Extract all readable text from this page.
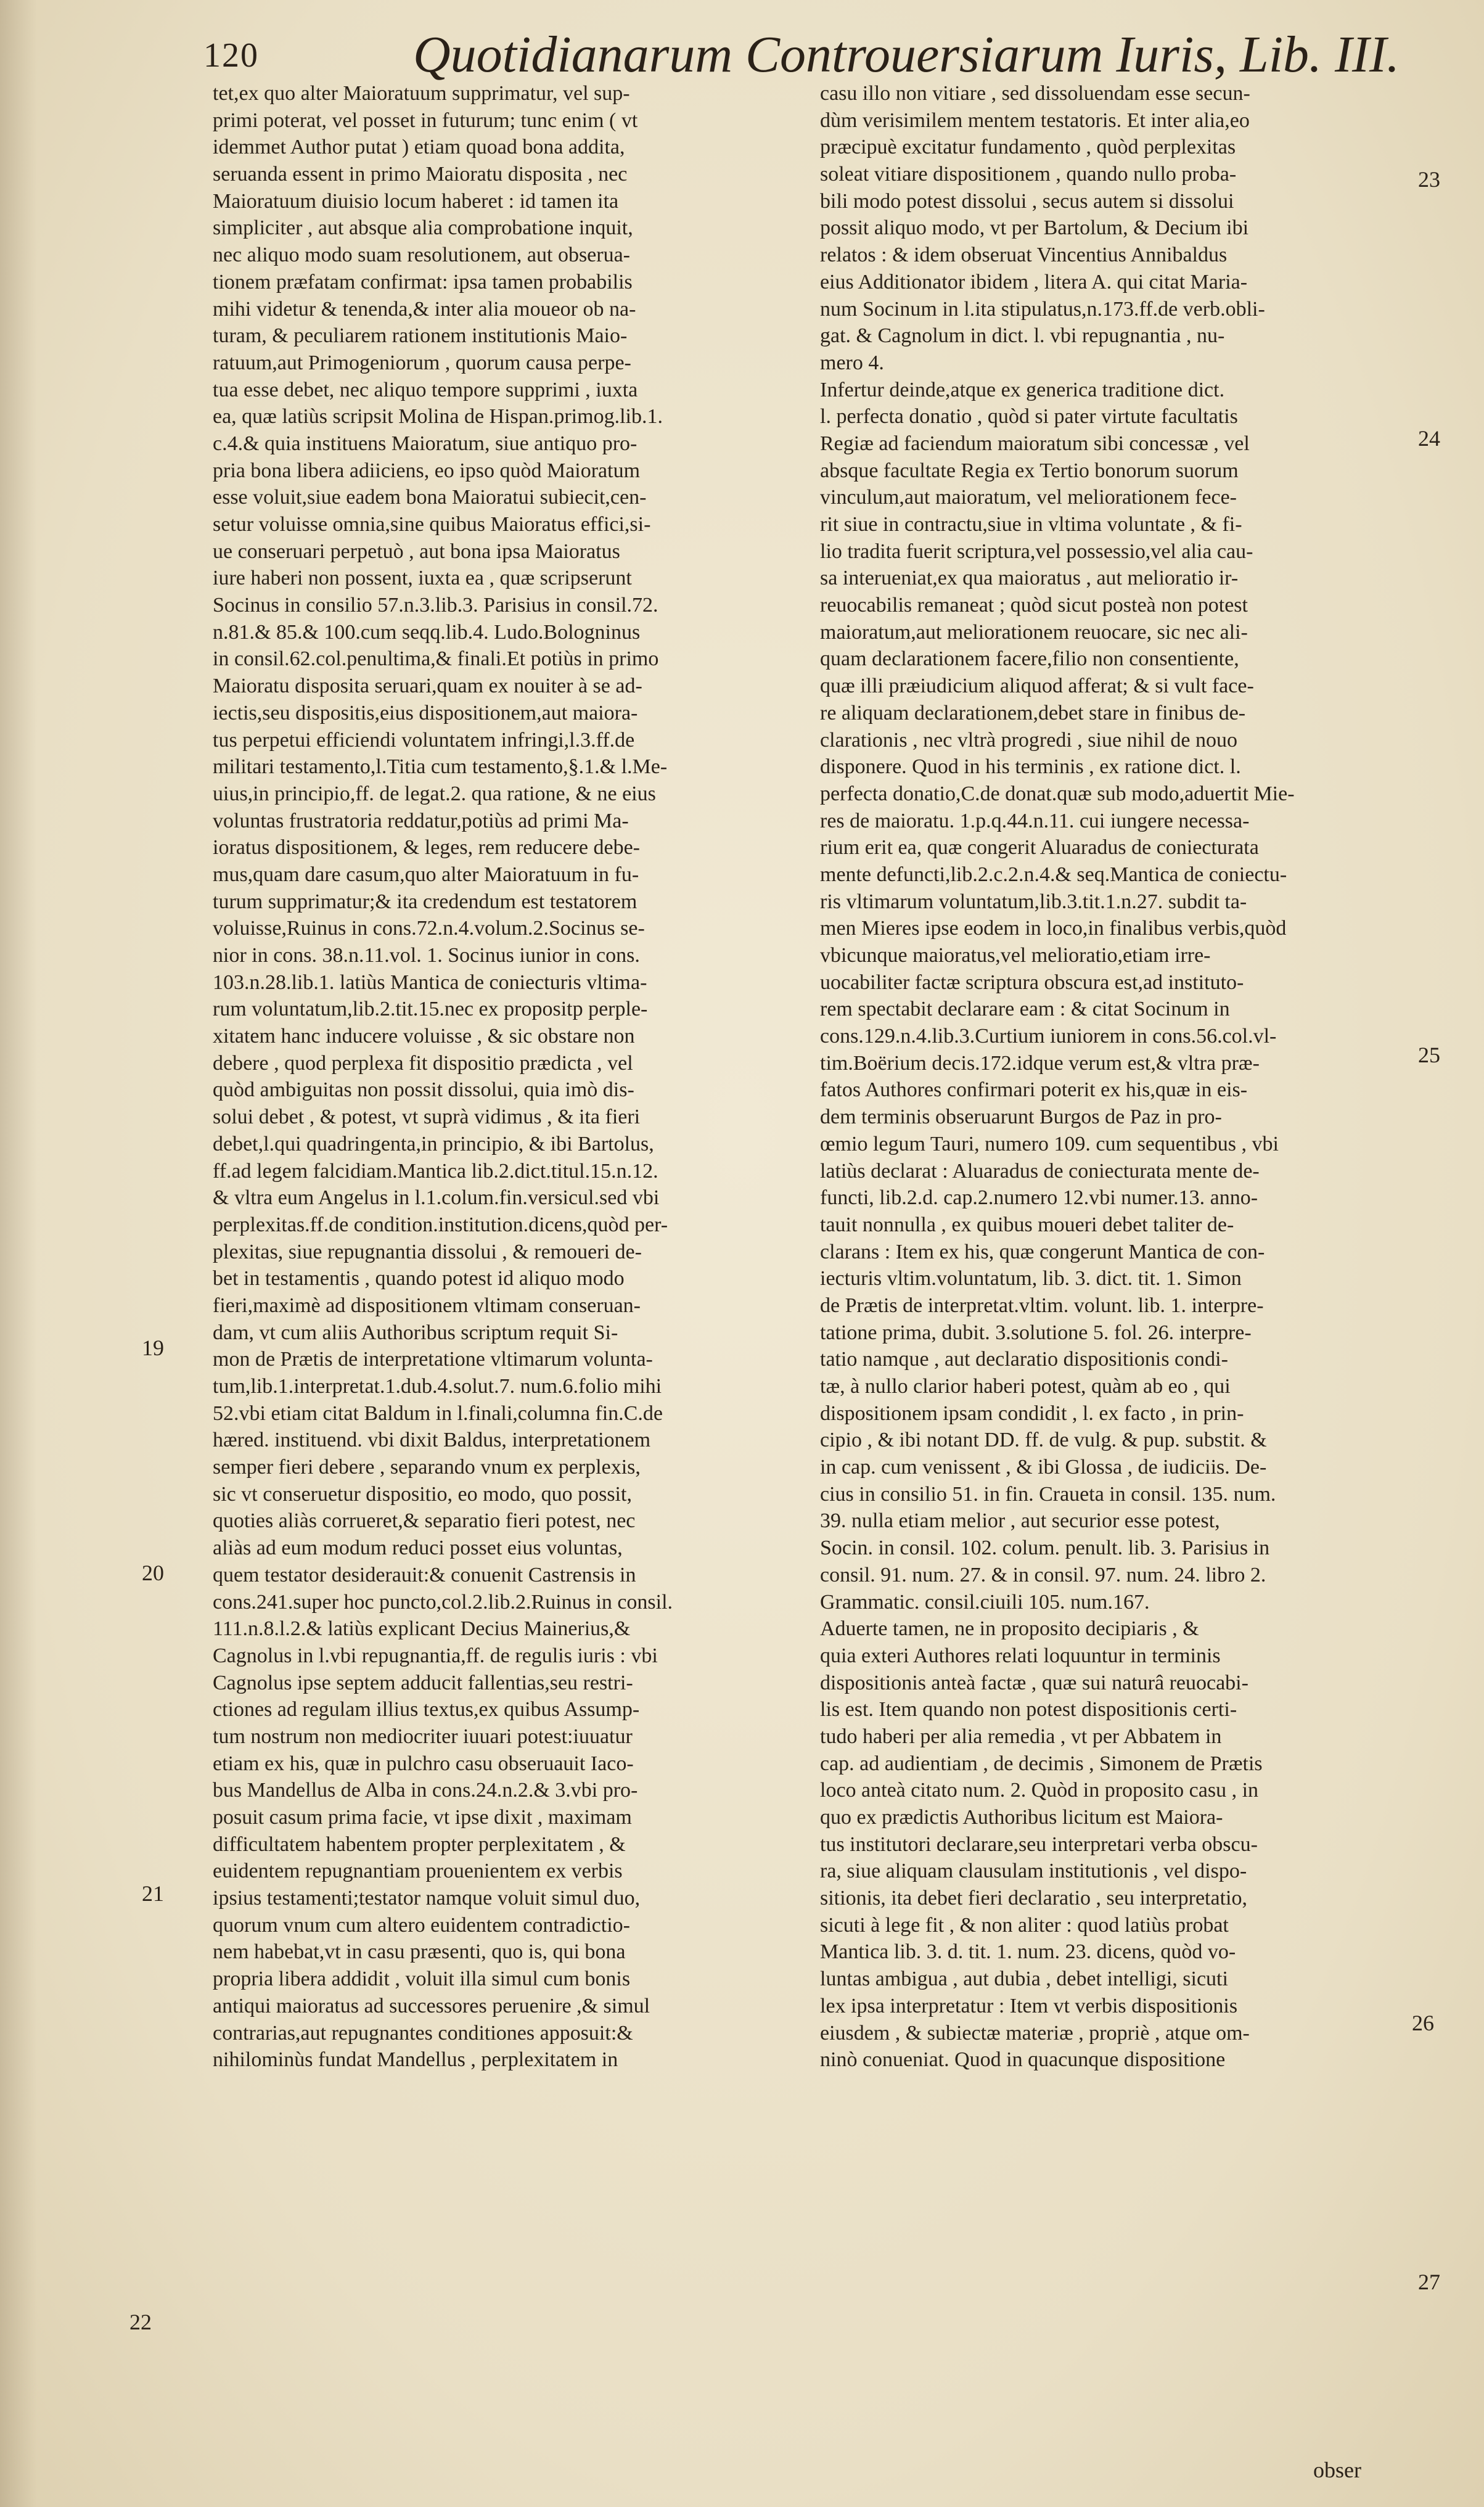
120	Quotidianarum Controuersiarum Iuris, Lib. III.
tet,ex quo alter Maioratuum supprimatur, vel sup-
primi poterat, vel posset in futurum; tunc enim ( vt
idemmet Author putat ) etiam quoad bona addita,
seruanda essent in primo Maioratu disposita , nec
Maioratuum diuisio locum haberet : id tamen ita
simpliciter , aut absque alia comprobatione inquit,
nec aliquo modo suam resolutionem, aut obserua-
tionem præfatam confirmat: ipsa tamen probabilis
mihi videtur & tenenda,& inter alia moueor ob na-
turam, & peculiarem rationem institutionis Maio-
ratuum,aut Primogeniorum , quorum causa perpe-
tua esse debet, nec aliquo tempore supprimi , iuxta
ea, quæ latiùs scripsit Molina de Hispan.primog.lib.1.
c.4.& quia instituens Maioratum, siue antiquo pro-
pria bona libera adiiciens, eo ipso quòd Maioratum
esse voluit,siue eadem bona Maioratui subiecit,cen-
setur voluisse omnia,sine quibus Maioratus effici,si-
ue conseruari perpetuò , aut bona ipsa Maioratus
iure haberi non possent, iuxta ea , quæ scripserunt
Socinus in consilio 57.n.3.lib.3. Parisius in consil.72.
n.81.& 85.& 100.cum seqq.lib.4. Ludo.Bologninus
in consil.62.col.penultima,& finali.Et potiùs in primo
Maioratu disposita seruari,quam ex nouiter à se ad-
iectis,seu dispositis,eius dispositionem,aut maiora-
tus perpetui efficiendi voluntatem infringi,l.3.ff.de
militari testamento,l.Titia cum testamento,§.1.& l.Me-
uius,in principio,ff. de legat.2. qua ratione, & ne eius
voluntas frustratoria reddatur,potiùs ad primi Ma-
ioratus dispositionem, & leges, rem reducere debe-
mus,quam dare casum,quo alter Maioratuum in fu-
turum supprimatur;& ita credendum est testatorem
voluisse,Ruinus in cons.72.n.4.volum.2.Socinus se-
nior in cons. 38.n.11.vol. 1. Socinus iunior in cons.
103.n.28.lib.1. latiùs Mantica de coniecturis vltima-
rum voluntatum,lib.2.tit.15.nec ex propositp perple-
xitatem hanc inducere voluisse , & sic obstare non
debere , quod perplexa fit dispositio prædicta , vel
quòd ambiguitas non possit dissolui, quia imò dis-
solui debet , & potest, vt suprà vidimus , & ita fieri
debet,l.qui quadringenta,in principio, & ibi Bartolus,
ff.ad legem falcidiam.Mantica lib.2.dict.titul.15.n.12.
& vltra eum Angelus in l.1.colum.fin.versicul.sed vbi
perplexitas.ff.de condition.institution.dicens,quòd per-
plexitas, siue repugnantia dissolui , & remoueri de-
bet in testamentis , quando potest id aliquo modo
fieri,maximè ad dispositionem vltimam conseruan-
dam, vt cum aliis Authoribus scriptum requit Si-
mon de Prætis de interpretatione vltimarum volunta-
tum,lib.1.interpretat.1.dub.4.solut.7. num.6.folio mihi
52.vbi etiam citat Baldum in l.finali,columna fin.C.de
hæred. instituend. vbi dixit Baldus, interpretationem
semper fieri debere , separando vnum ex perplexis,
sic vt conseruetur dispositio, eo modo, quo possit,
quoties aliàs corrueret,& separatio fieri potest, nec
aliàs ad eum modum reduci posset eius voluntas,
quem testator desiderauit:& conuenit Castrensis in
cons.241.super hoc puncto,col.2.lib.2.Ruinus in consil.
111.n.8.l.2.& latiùs explicant Decius Mainerius,&
Cagnolus in l.vbi repugnantia,ff. de regulis iuris : vbi
Cagnolus ipse septem adducit fallentias,seu restri-
ctiones ad regulam illius textus,ex quibus Assump-
tum nostrum non mediocriter iuuari potest:iuuatur
etiam ex his, quæ in pulchro casu obseruauit Iaco-
bus Mandellus de Alba in cons.24.n.2.& 3.vbi pro-
posuit casum prima facie, vt ipse dixit , maximam
difficultatem habentem propter perplexitatem , &
euidentem repugnantiam prouenientem ex verbis
ipsius testamenti;testator namque voluit simul duo,
quorum vnum cum altero euidentem contradictio-
nem habebat,vt in casu præsenti, quo is, qui bona
propria libera addidit , voluit illa simul cum bonis
antiqui maioratus ad successores peruenire ,& simul
contrarias,aut repugnantes conditiones apposuit:&
nihilominùs fundat Mandellus , perplexitatem in
casu illo non vitiare , sed dissoluendam esse secun-
dùm verisimilem mentem testatoris. Et inter alia,eo
præcipuè excitatur fundamento , quòd perplexitas
soleat vitiare dispositionem , quando nullo proba-
bili modo potest dissolui , secus autem si dissolui
possit aliquo modo, vt per Bartolum, & Decium ibi
relatos : & idem obseruat Vincentius Annibaldus
eius Additionator ibidem , litera A. qui citat Maria-
num Socinum in l.ita stipulatus,n.173.ff.de verb.obli-
gat. & Cagnolum in dict. l. vbi repugnantia , nu-
mero 4.
Infertur deinde,atque ex generica traditione dict.
l. perfecta donatio , quòd si pater virtute facultatis
Regiæ ad faciendum maioratum sibi concessæ , vel
absque facultate Regia ex Tertio bonorum suorum
vinculum,aut maioratum, vel meliorationem fece-
rit siue in contractu,siue in vltima voluntate , & fi-
lio tradita fuerit scriptura,vel possessio,vel alia cau-
sa interueniat,ex qua maioratus , aut melioratio ir-
reuocabilis remaneat ; quòd sicut posteà non potest
maioratum,aut meliorationem reuocare, sic nec ali-
quam declarationem facere,filio non consentiente,
quæ illi præiudicium aliquod afferat; & si vult face-
re aliquam declarationem,debet stare in finibus de-
clarationis , nec vltrà progredi , siue nihil de nouo
disponere. Quod in his terminis , ex ratione dict. l.
perfecta donatio,C.de donat.quæ sub modo,aduertit Mie-
res de maioratu. 1.p.q.44.n.11. cui iungere necessa-
rium erit ea, quæ congerit Aluaradus de coniecturata
mente defuncti,lib.2.c.2.n.4.& seq.Mantica de coniectu-
ris vltimarum voluntatum,lib.3.tit.1.n.27. subdit ta-
men Mieres ipse eodem in loco,in finalibus verbis,quòd
vbicunque maioratus,vel melioratio,etiam irre-
uocabiliter factæ scriptura obscura est,ad instituto-
rem spectabit declarare eam : & citat Socinum in
cons.129.n.4.lib.3.Curtium iuniorem in cons.56.col.vl-
tim.Boërium decis.172.idque verum est,& vltra præ-
fatos Authores confirmari poterit ex his,quæ in eis-
dem terminis obseruarunt Burgos de Paz in pro-
œmio legum Tauri, numero 109. cum sequentibus , vbi
latiùs declarat : Aluaradus de coniecturata mente de-
functi, lib.2.d. cap.2.numero 12.vbi numer.13. anno-
tauit nonnulla , ex quibus moueri debet taliter de-
clarans : Item ex his, quæ congerunt Mantica de con-
iecturis vltim.voluntatum, lib. 3. dict. tit. 1. Simon
de Prætis de interpretat.vltim. volunt. lib. 1. interpre-
tatione prima, dubit. 3.solutione 5. fol. 26. interpre-
tatio namque , aut declaratio dispositionis condi-
tæ, à nullo clarior haberi potest, quàm ab eo , qui
dispositionem ipsam condidit , l. ex facto , in prin-
cipio , & ibi notant DD. ff. de vulg. & pup. substit. &
in cap. cum venissent , & ibi Glossa , de iudiciis. De-
cius in consilio 51. in fin. Craueta in consil. 135. num.
39. nulla etiam melior , aut securior esse potest,
Socin. in consil. 102. colum. penult. lib. 3. Parisius in
consil. 91. num. 27. & in consil. 97. num. 24. libro 2.
Grammatic. consil.ciuili 105. num.167.
Aduerte tamen, ne in proposito decipiaris , &
quia exteri Authores relati loquuntur in terminis
dispositionis anteà factæ , quæ sui naturâ reuocabi-
lis est. Item quando non potest dispositionis certi-
tudo haberi per alia remedia , vt per Abbatem in
cap. ad audientiam , de decimis , Simonem de Prætis
loco anteà citato num. 2. Quòd in proposito casu , in
quo ex prædictis Authoribus licitum est Maiora-
tus institutori declarare,seu interpretari verba obscu-
ra, siue aliquam clausulam institutionis , vel dispo-
sitionis, ita debet fieri declaratio , seu interpretatio,
sicuti à lege fit , & non aliter : quod latiùs probat
Mantica lib. 3. d. tit. 1. num. 23. dicens, quòd vo-
luntas ambigua , aut dubia , debet intelligi, sicuti
lex ipsa interpretatur : Item vt verbis dispositionis
eiusdem , & subiectæ materiæ , propriè , atque om-
ninò conueniat. Quod in quacunque dispositione
19
20
21
22
23
24
25
26
27
obser
